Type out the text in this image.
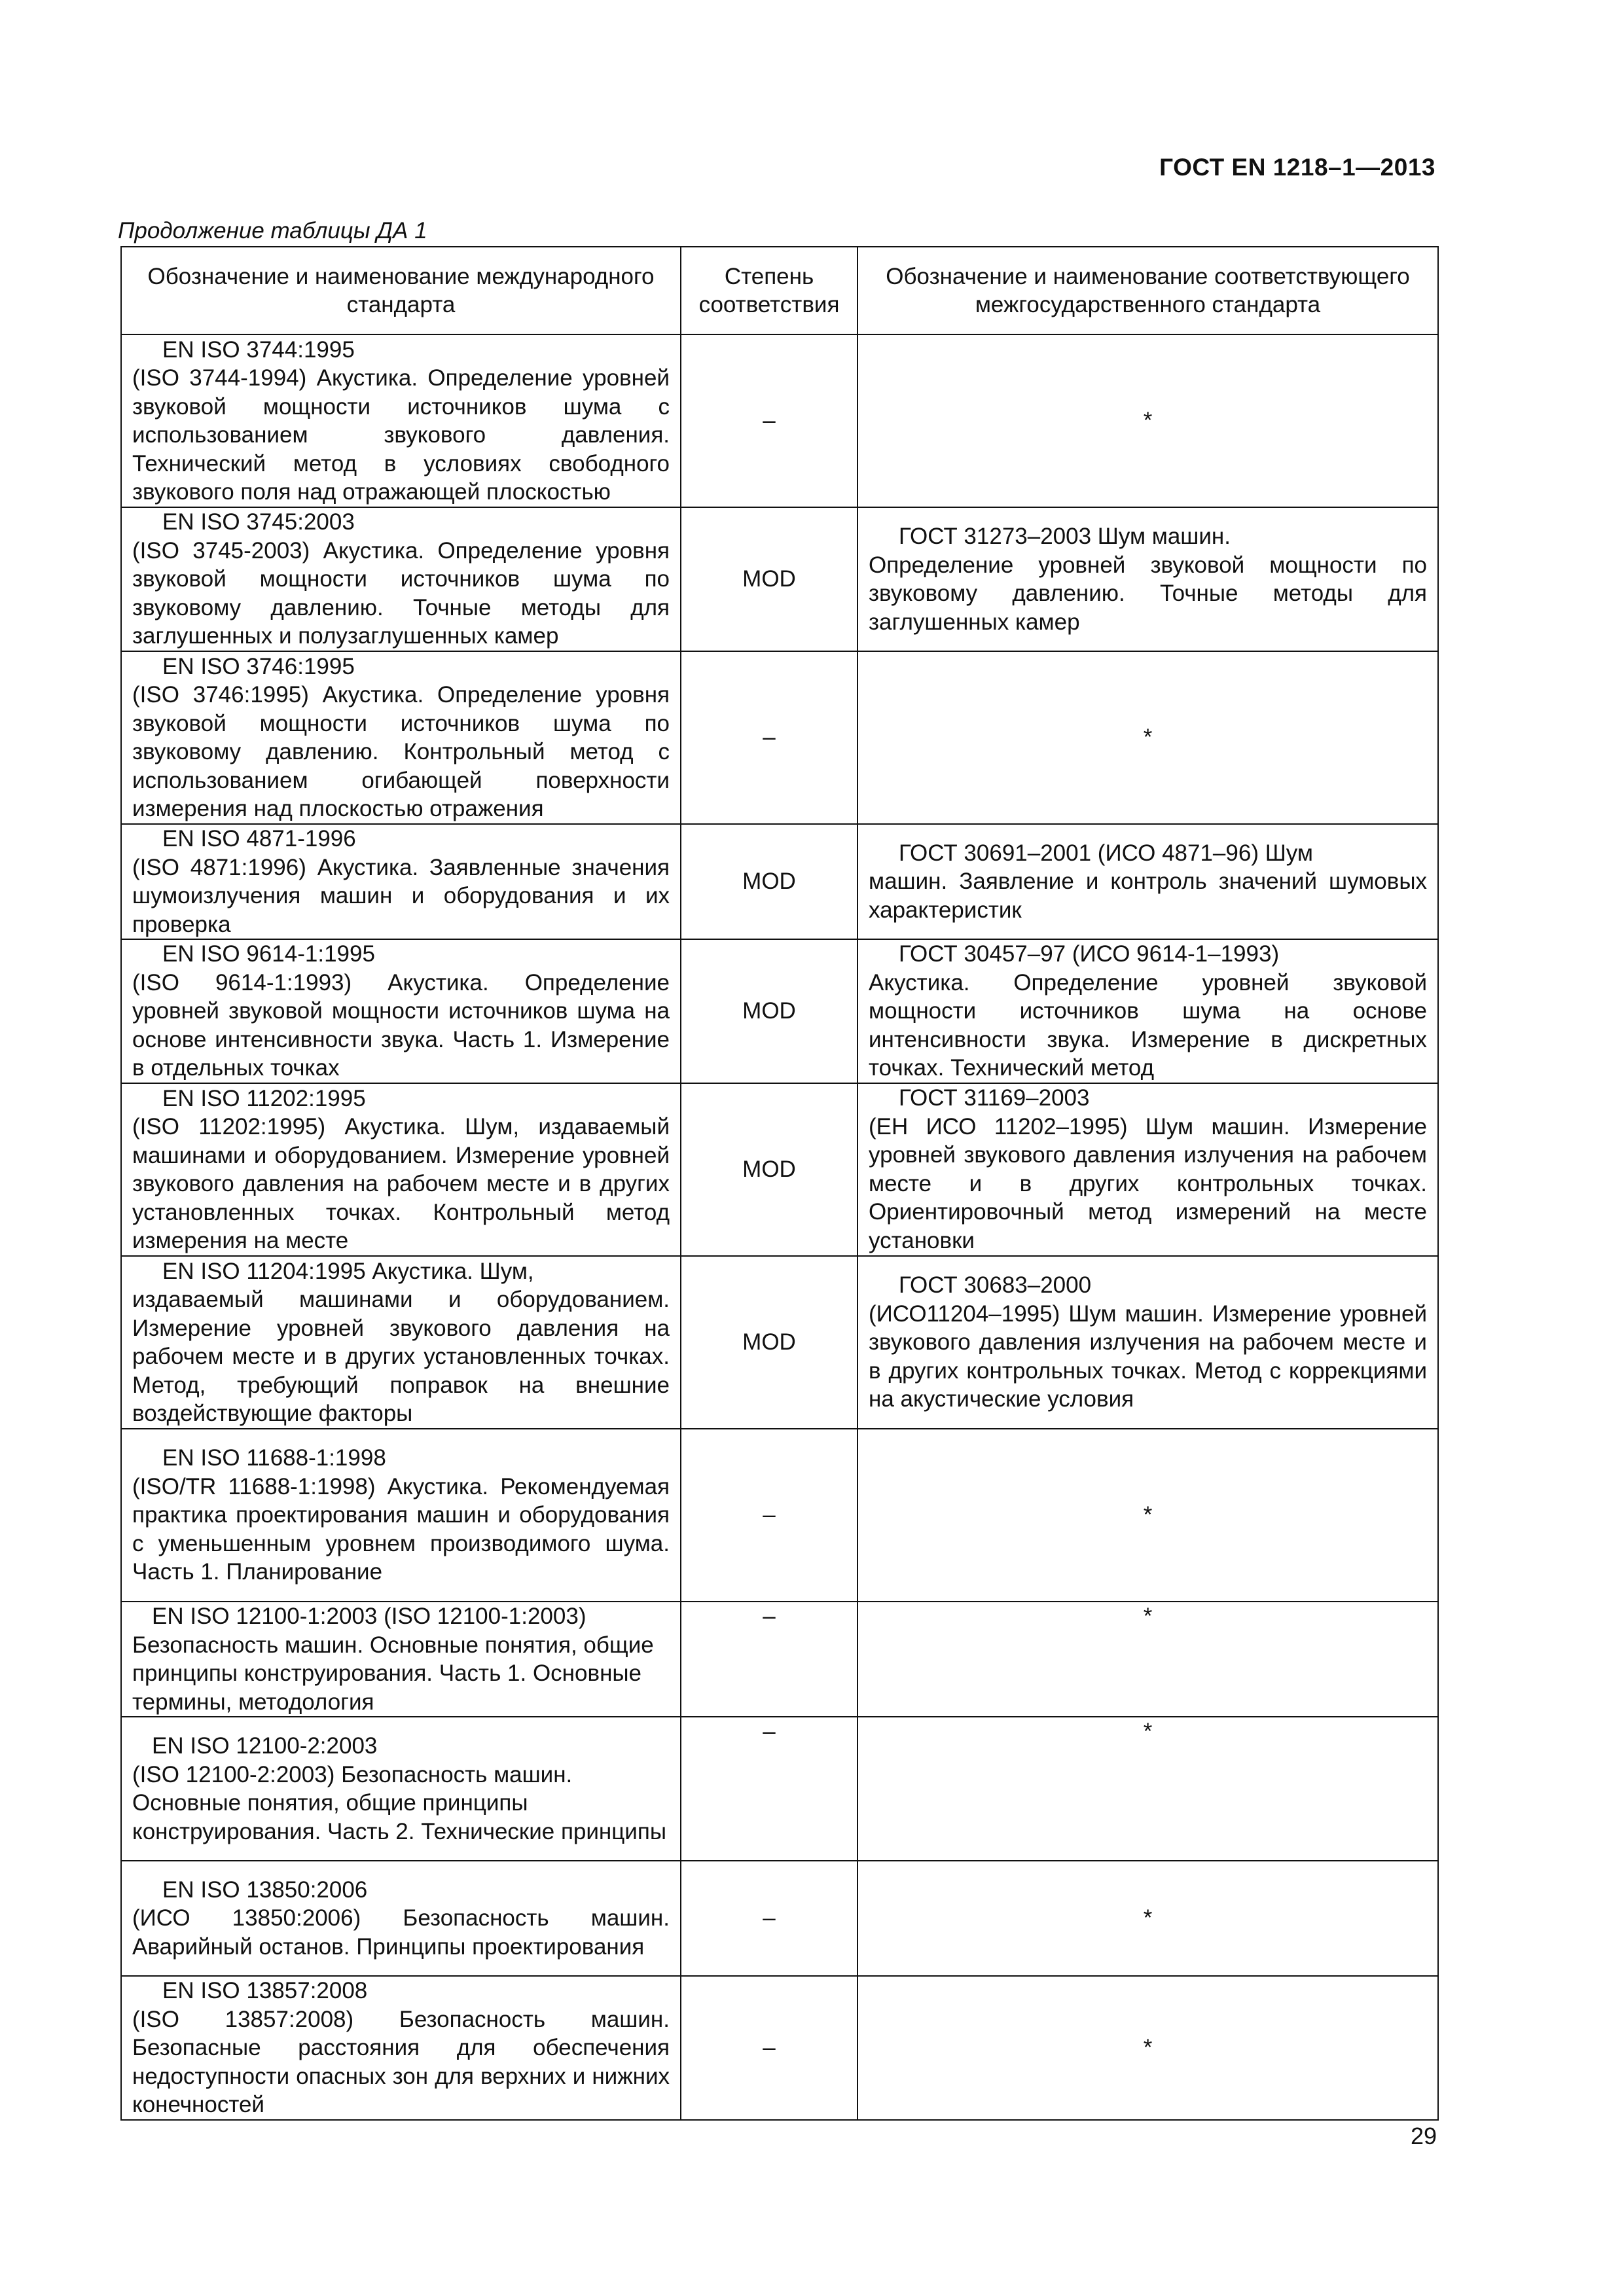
ГОСТ EN 1218–1—2013
Продолжение таблицы ДА 1
Обозначение и наименование международного стандарта	Степень соответствия	Обозначение и наименование соответствующего межгосударственного стандарта

EN ISO 3744:1995
(ISO 3744-1994) Акустика. Определение уровней звуковой мощности источников шума с использованием звукового давления. Технический метод в условиях свободного звукового поля над отражающей плоскостью	–	*

EN ISO 3745:2003
(ISO 3745-2003) Акустика. Определение уровня звуковой мощности источников шума по звуковому давлению. Точные методы для заглушенных и полузаглушенных камер	MOD	ГОСТ 31273–2003 Шум машин.
Определение уровней звуковой мощности по звуковому давлению. Точные методы для заглушенных камер

EN ISO 3746:1995
(ISO 3746:1995) Акустика. Определение уровня звуковой мощности источников шума по звуковому давлению. Контрольный метод с использованием огибающей поверхности измерения над плоскостью отражения	–	*

EN ISO 4871-1996
(ISO 4871:1996) Акустика. Заявленные значения шумоизлучения машин и оборудования и их проверка	MOD	ГОСТ 30691–2001 (ИСО 4871–96) Шум
машин. Заявление и контроль значений шумовых характеристик

EN ISO 9614-1:1995
(ISO 9614-1:1993) Акустика. Определение уровней звуковой мощности источников шума на основе интенсивности звука. Часть 1. Измерение в отдельных точках	MOD	ГОСТ 30457–97 (ИСО 9614-1–1993)
Акустика. Определение уровней звуковой мощности источников шума на основе интенсивности звука. Измерение в дискретных точках. Технический метод

EN ISO 11202:1995
(ISO 11202:1995) Акустика. Шум, издаваемый машинами и оборудованием. Измерение уровней звукового давления на рабочем месте и в других установленных точках. Контрольный метод измерения на месте	MOD	ГОСТ 31169–2003
(ЕН ИСО 11202–1995) Шум машин. Измерение уровней звукового давления излучения на рабочем месте и в других контрольных точках. Ориентировочный метод измерений на месте установки

EN ISO 11204:1995 Акустика. Шум,
издаваемый машинами и оборудованием. Измерение уровней звукового давления на рабочем месте и в других установленных точках. Метод, требующий поправок на внешние воздействующие факторы	MOD	ГОСТ 30683–2000
(ИСО11204–1995) Шум машин. Измерение уровней звукового давления излучения на рабочем месте и в других контрольных точках. Метод с коррекциями на акустические условия

EN ISO 11688-1:1998
(ISO/TR 11688-1:1998) Акустика. Рекомендуемая практика проектирования машин и оборудования с уменьшенным уровнем производимого шума. Часть 1. Планирование	–	*

EN ISO 12100-1:2003 (ISO 12100-1:2003)
Безопасность машин. Основные понятия, общие принципы конструирования. Часть 1. Основные термины, методология	–	*

EN ISO 12100-2:2003
(ISO 12100-2:2003) Безопасность машин. Основные понятия, общие принципы конструирования. Часть 2. Технические принципы	–	*

EN ISO 13850:2006
(ИСО 13850:2006) Безопасность машин. Аварийный останов. Принципы проектирования	–	*

EN ISO 13857:2008
(ISO 13857:2008) Безопасность машин. Безопасные расстояния для обеспечения недоступности опасных зон для верхних и нижних конечностей	–	*
29
